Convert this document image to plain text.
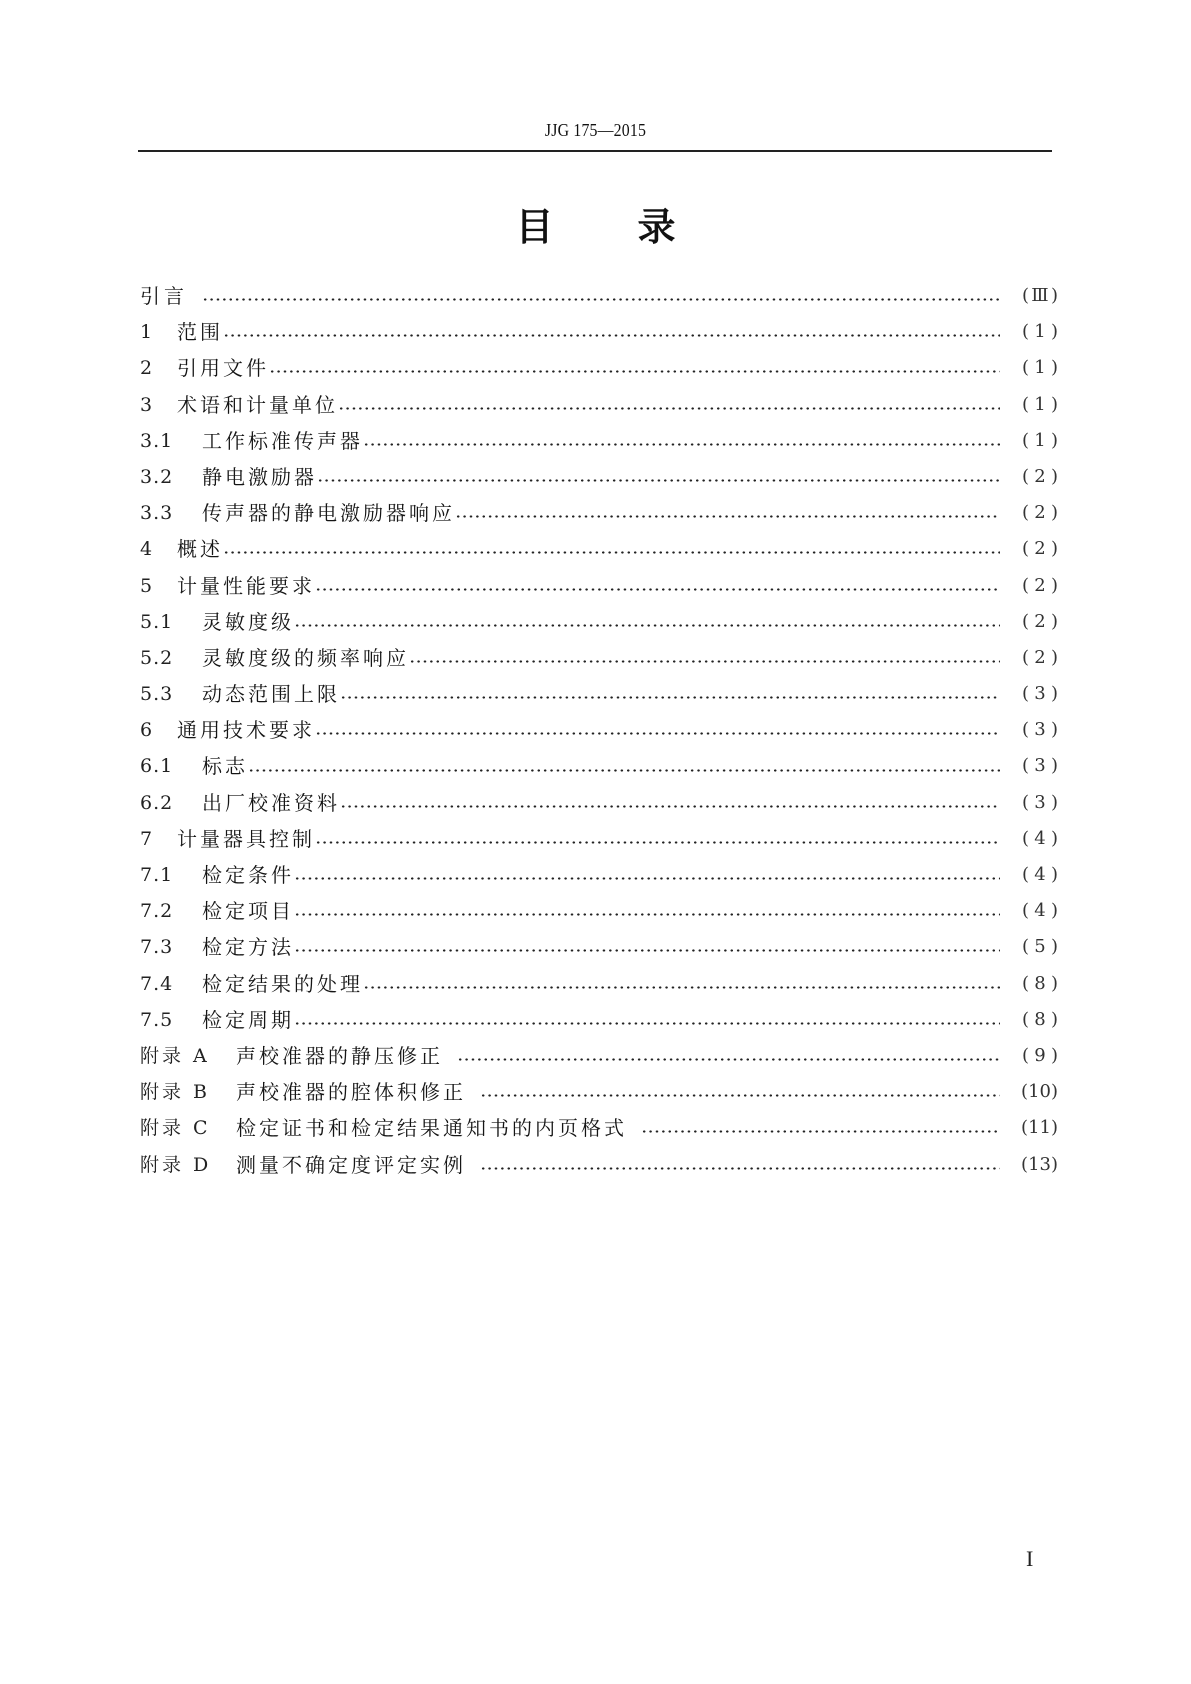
JJG 175—2015
目 录
引言	( Ⅲ )
1	范围	( 1 )
2	引用文件	( 1 )
3	术语和计量单位	( 1 )
3.1	工作标准传声器	( 1 )
3.2	静电激励器	( 2 )
3.3	传声器的静电激励器响应	( 2 )
4	概述	( 2 )
5	计量性能要求	( 2 )
5.1	灵敏度级	( 2 )
5.2	灵敏度级的频率响应	( 2 )
5.3	动态范围上限	( 3 )
6	通用技术要求	( 3 )
6.1	标志	( 3 )
6.2	出厂校准资料	( 3 )
7	计量器具控制	( 4 )
7.1	检定条件	( 4 )
7.2	检定项目	( 4 )
7.3	检定方法	( 5 )
7.4	检定结果的处理	( 8 )
7.5	检定周期	( 8 )
附录 A	声校准器的静压修正	( 9 )
附录 B	声校准器的腔体积修正	(10)
附录 C	检定证书和检定结果通知书的内页格式	(11)
附录 D	测量不确定度评定实例	(13)
I
